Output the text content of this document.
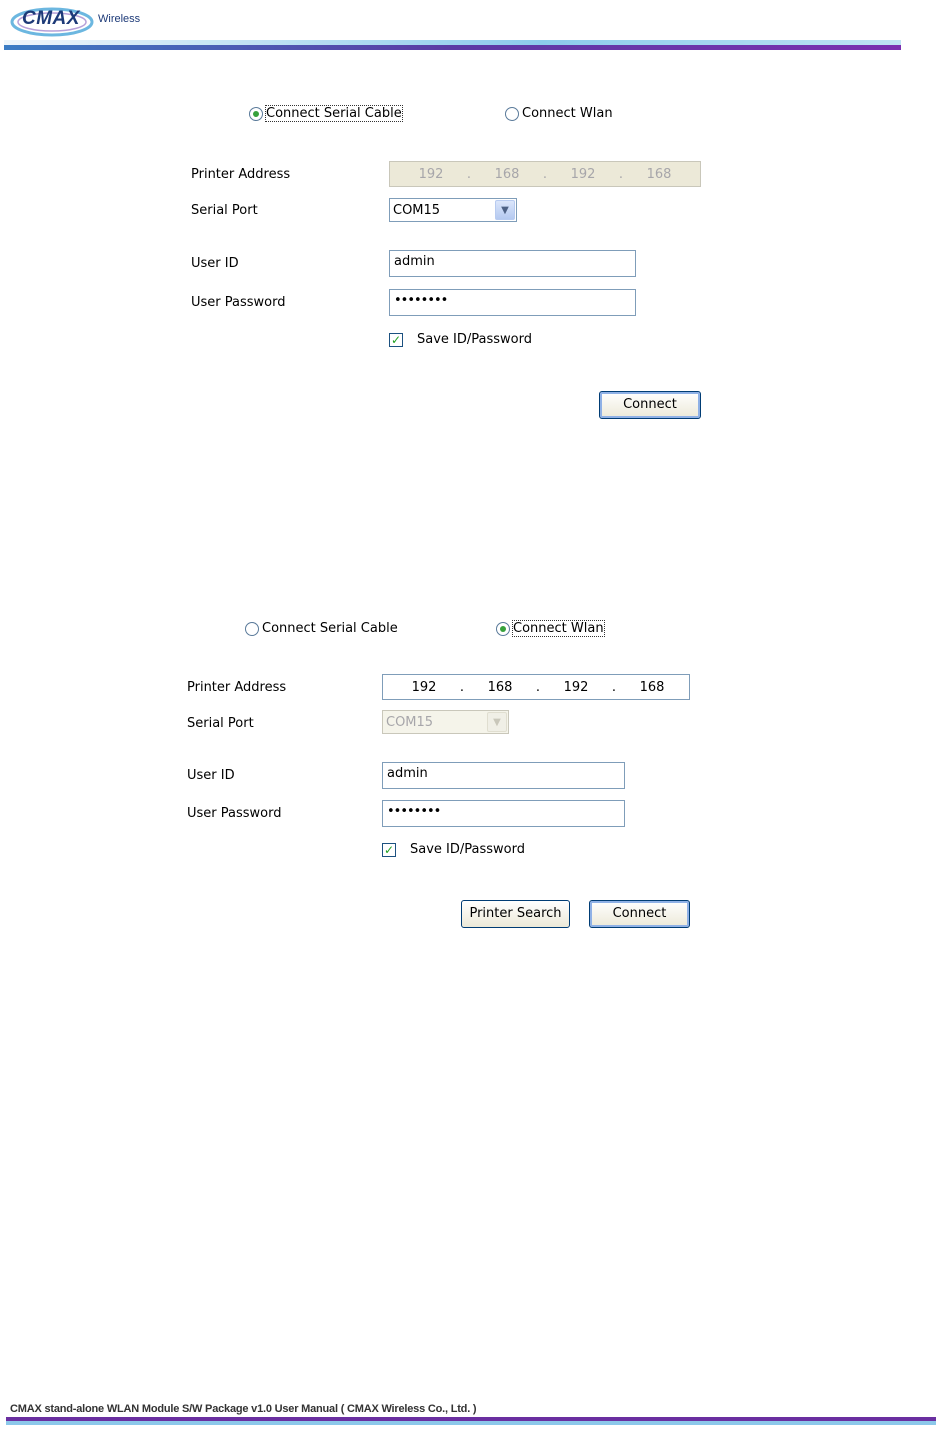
CMAX Wireless
Connect Serial Cable	Connect Wlan
Printer Address	192	.	168	.	192	.	168
Serial Port	COM15	▼
User ID	admin
User Password	••••••••
✓ Save ID/Password
Connect
Connect Serial Cable	Connect Wlan
Printer Address	192	.	168	.	192	.	168
Serial Port	COM15	▼
User ID	admin
User Password	••••••••
✓ Save ID/Password
Printer Search	Connect
CMAX stand-alone WLAN Module S/W Package v1.0 User Manual ( CMAX Wireless Co., Ltd. )
